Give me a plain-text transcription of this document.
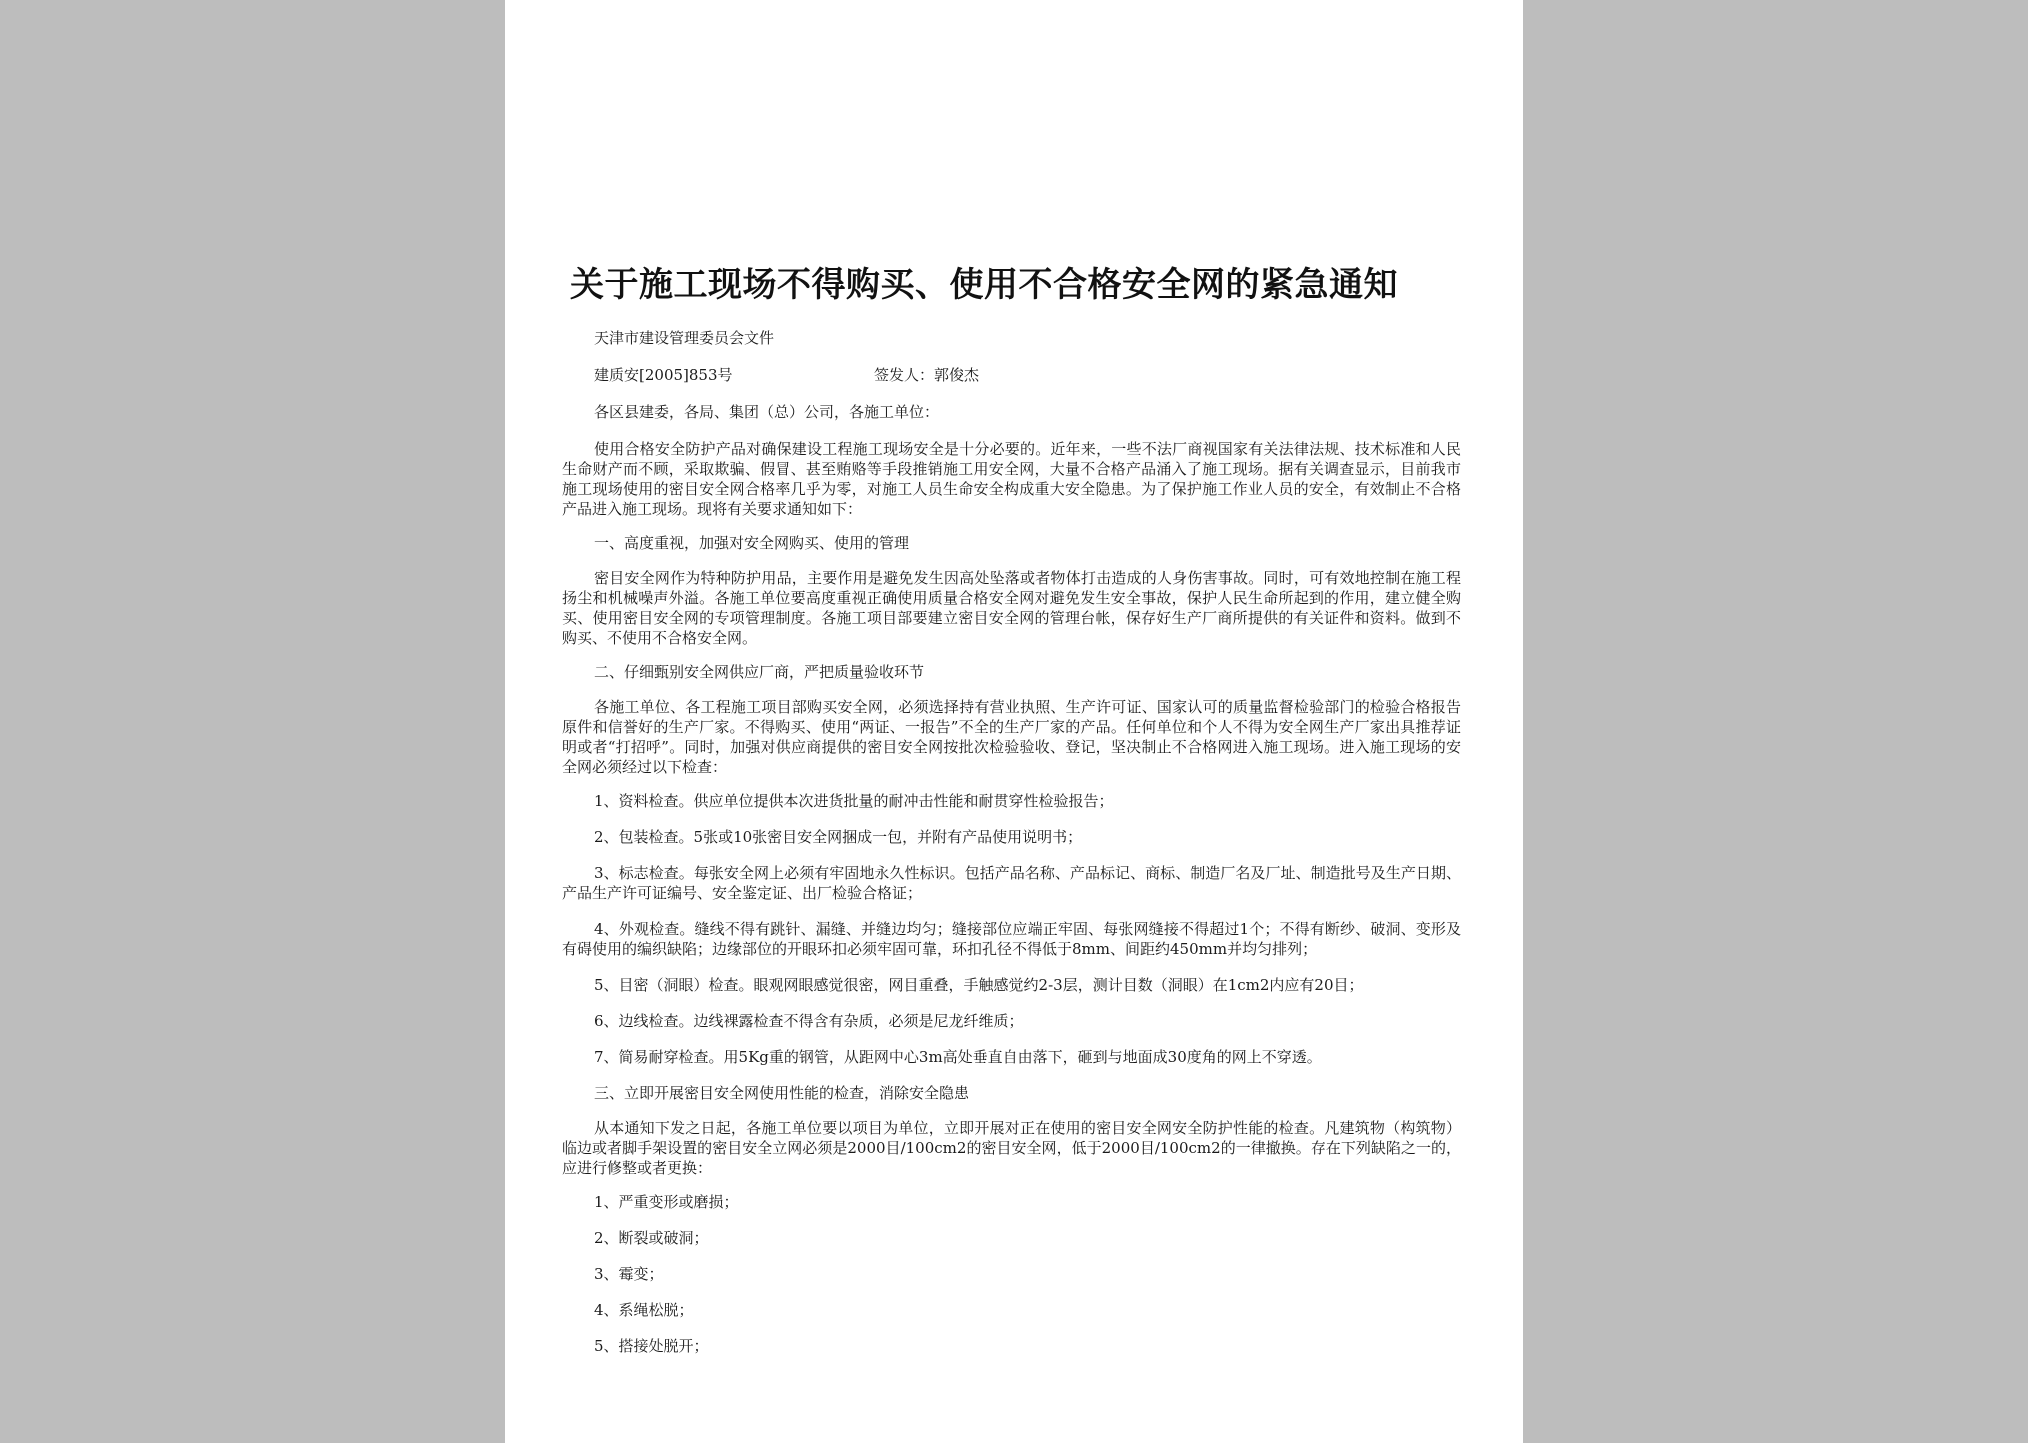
关于施工现场不得购买、使用不合格安全网的紧急通知
天津市建设管理委员会文件
建质安[2005]853号	签发人：郭俊杰
各区县建委，各局、集团（总）公司，各施工单位：

使用合格安全防护产品对确保建设工程施工现场安全是十分必要的。近年来，一些不法厂商视国家有关法律法规、技术标准和人民生命财产而不顾，采取欺骗、假冒、甚至贿赂等手段推销施工用安全网，大量不合格产品涌入了施工现场。据有关调查显示，目前我市施工现场使用的密目安全网合格率几乎为零，对施工人员生命安全构成重大安全隐患。为了保护施工作业人员的安全，有效制止不合格产品进入施工现场。现将有关要求通知如下：

一、高度重视，加强对安全网购买、使用的管理

密目安全网作为特种防护用品，主要作用是避免发生因高处坠落或者物体打击造成的人身伤害事故。同时，可有效地控制在施工程扬尘和机械噪声外溢。各施工单位要高度重视正确使用质量合格安全网对避免发生安全事故，保护人民生命所起到的作用，建立健全购买、使用密目安全网的专项管理制度。各施工项目部要建立密目安全网的管理台帐，保存好生产厂商所提供的有关证件和资料。做到不购买、不使用不合格安全网。

二、仔细甄别安全网供应厂商，严把质量验收环节

各施工单位、各工程施工项目部购买安全网，必须选择持有营业执照、生产许可证、国家认可的质量监督检验部门的检验合格报告原件和信誉好的生产厂家。不得购买、使用“两证、一报告”不全的生产厂家的产品。任何单位和个人不得为安全网生产厂家出具推荐证明或者“打招呼”。同时，加强对供应商提供的密目安全网按批次检验验收、登记，坚决制止不合格网进入施工现场。进入施工现场的安全网必须经过以下检查：

1、资料检查。供应单位提供本次进货批量的耐冲击性能和耐贯穿性检验报告；

2、包装检查。5张或10张密目安全网捆成一包，并附有产品使用说明书；

3、标志检查。每张安全网上必须有牢固地永久性标识。包括产品名称、产品标记、商标、制造厂名及厂址、制造批号及生产日期、产品生产许可证编号、安全鉴定证、出厂检验合格证；

4、外观检查。缝线不得有跳针、漏缝、并缝边均匀；缝接部位应端正牢固、每张网缝接不得超过1个；不得有断纱、破洞、变形及有碍使用的编织缺陷；边缘部位的开眼环扣必须牢固可靠，环扣孔径不得低于8mm、间距约450mm并均匀排列；

5、目密（洞眼）检查。眼观网眼感觉很密，网目重叠，手触感觉约2-3层，测计目数（洞眼）在1cm2内应有20目；

6、边线检查。边线裸露检查不得含有杂质，必须是尼龙纤维质；

7、简易耐穿检查。用5Kg重的钢管，从距网中心3m高处垂直自由落下，砸到与地面成30度角的网上不穿透。

三、立即开展密目安全网使用性能的检查，消除安全隐患

从本通知下发之日起，各施工单位要以项目为单位，立即开展对正在使用的密目安全网安全防护性能的检查。凡建筑物（构筑物）临边或者脚手架设置的密目安全立网必须是2000目/100cm2的密目安全网，低于2000目/100cm2的一律撤换。存在下列缺陷之一的，应进行修整或者更换：

1、严重变形或磨损；

2、断裂或破洞；

3、霉变；

4、系绳松脱；

5、搭接处脱开；
